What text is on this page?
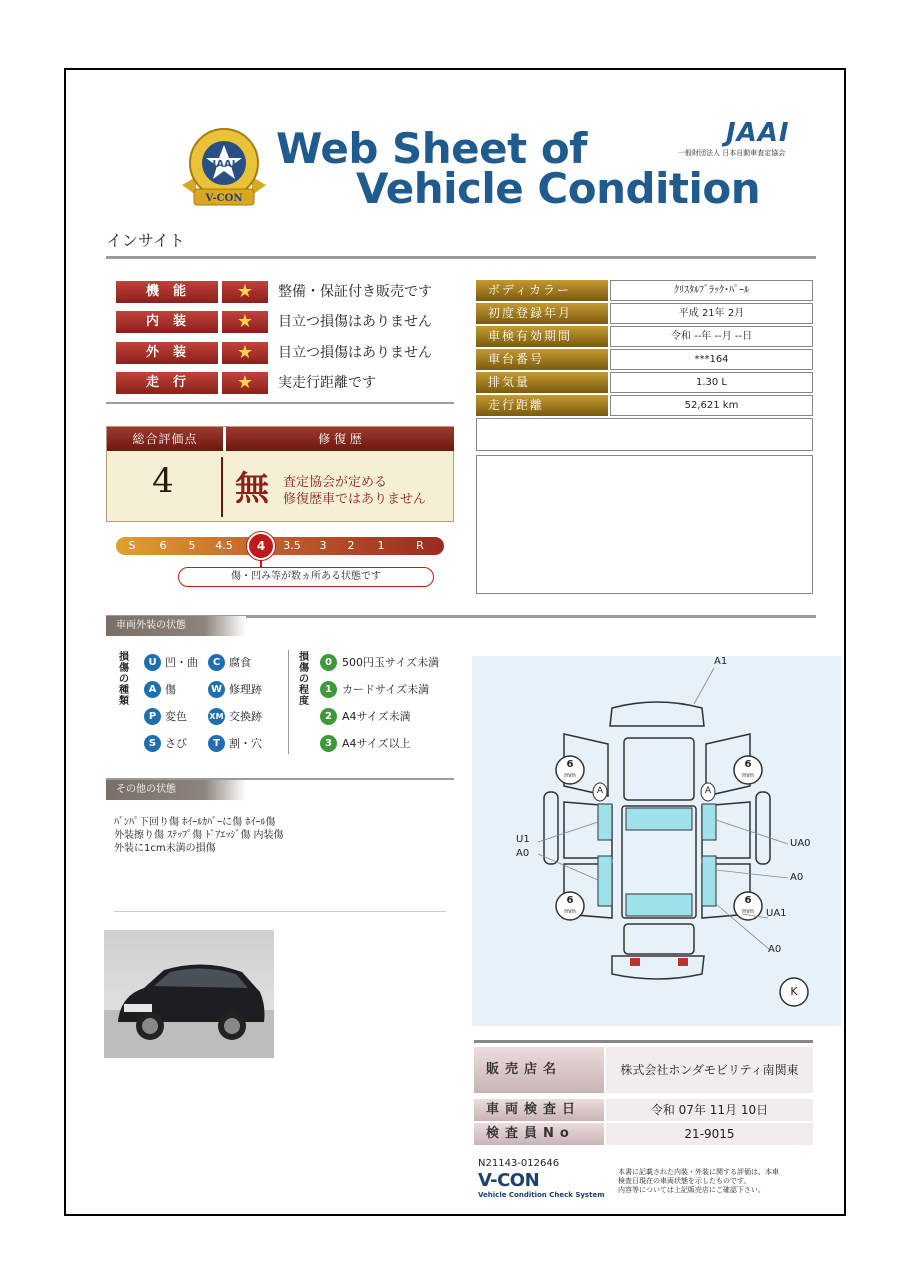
JAAI
V-CON
Web Sheet of
Vehicle Condition
JAAI
一般財団法人 日本自動車査定協会
インサイト
機能	★	整備・保証付き販売です
内装	★	目立つ損傷はありません
外装	★	目立つ損傷はありません
走行	★	実走行距離です
ボディカラー	ｸﾘｽﾀﾙﾌﾞﾗｯｸ･ﾊﾟｰﾙ
初度登録年月	平成 21年 2月
車検有効期間	令和 --年 --月 --日
車台番号	***164
排気量	1.30 L
走行距離	52,621 km
総合評価点	修 復 歴
4	無 査定協会が定める
修復歴車ではありません
S	6	5	4.5	3.5	3	2	1	R
4
傷・凹み等が数ヵ所ある状態です
車両外装の状態
損
傷
の
種
類
U 凹・曲	C 腐食
A 傷	W 修理跡
P 変色	XM 交換跡
S さび	T 割・穴
損
傷
の
程
度
0 500円玉サイズ未満
1 カードサイズ未満
2 A4サイズ未満
3 A4サイズ以上
その他の状態
ﾊﾞﾝﾊﾟ下回り傷 ﾎｲｰﾙｶﾊﾞｰに傷 ﾎｲｰﾙ傷
外装擦り傷 ｽﾃｯﾌﾟ傷 ﾄﾞｱｴｯｼﾞ傷 内装傷
外装に1cm未満の損傷
A1
U1
A0
UA0
A0
UA1
A0
6
mm
6
mm
6
mm
6
mm
A	A
K
販売店名	株式会社ホンダモビリティ南関東
車両検査日	令和 07年 11月 10日
検査員No	21-9015
N21143-012646
V-CON
Vehicle Condition Check System
本書に記載された内装・外装に関する評価は、本車
検査日現在の車両状態を示したものです。
内容等については上記販売店にご確認下さい。
